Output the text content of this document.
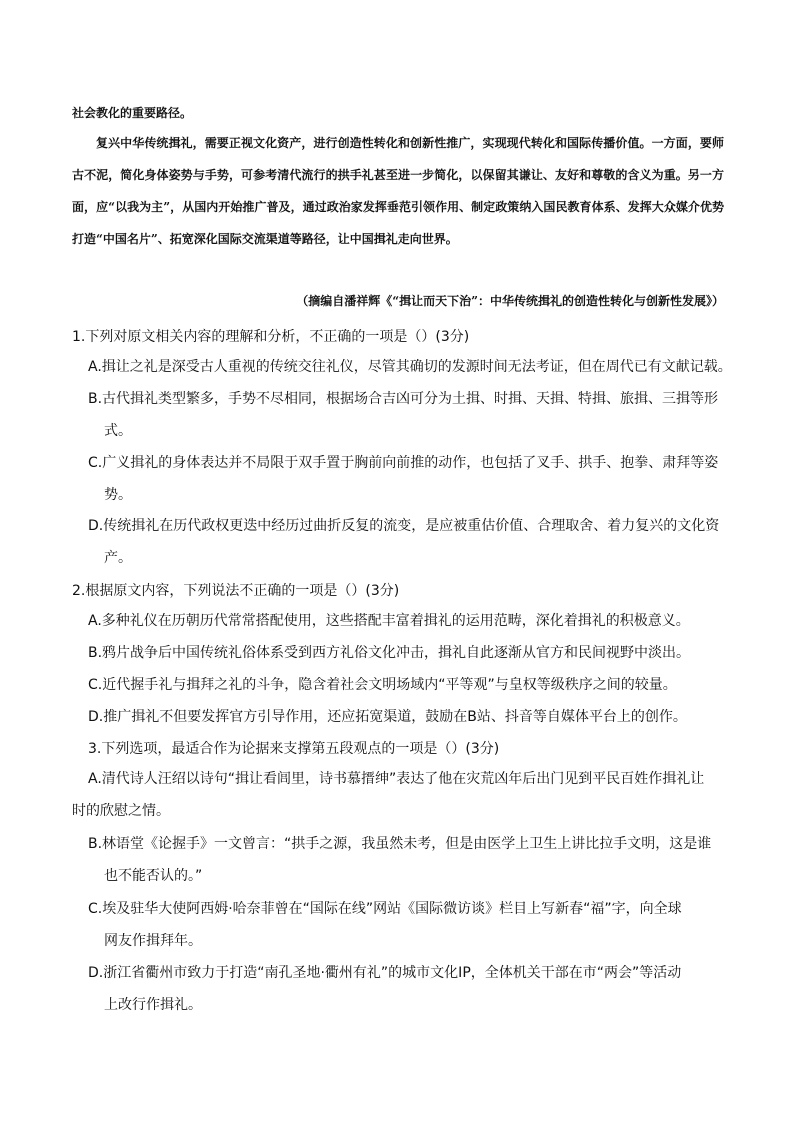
社会教化的重要路径。
复兴中华传统揖礼，需要正视文化资产，进行创造性转化和创新性推广，实现现代转化和国际传播价值。一方面，要师古不泥，简化身体姿势与手势，可参考清代流行的拱手礼甚至进一步简化，以保留其谦让、友好和尊敬的含义为重。另一方面，应“以我为主”，从国内开始推广普及，通过政治家发挥垂范引领作用、制定政策纳入国民教育体系、发挥大众媒介优势打造“中国名片”、拓宽深化国际交流渠道等路径，让中国揖礼走向世界。
（摘编自潘祥辉《“揖让而天下治”：中华传统揖礼的创造性转化与创新性发展》）
1.下列对原文相关内容的理解和分析，不正确的一项是（）(3分)
A.揖让之礼是深受古人重视的传统交往礼仪，尽管其确切的发源时间无法考证，但在周代已有文献记载。
B.古代揖礼类型繁多，手势不尽相同，根据场合吉凶可分为土揖、时揖、天揖、特揖、旅揖、三揖等形
式。
C.广义揖礼的身体表达并不局限于双手置于胸前向前推的动作，也包括了叉手、拱手、抱拳、肃拜等姿
势。
D.传统揖礼在历代政权更迭中经历过曲折反复的流变，是应被重估价值、合理取舍、着力复兴的文化资
产。
2.根据原文内容，下列说法不正确的一项是（）(3分)
A.多种礼仪在历朝历代常常搭配使用，这些搭配丰富着揖礼的运用范畴，深化着揖礼的积极意义。
B.鸦片战争后中国传统礼俗体系受到西方礼俗文化冲击，揖礼自此逐渐从官方和民间视野中淡出。
C.近代握手礼与揖拜之礼的斗争，隐含着社会文明场域内“平等观”与皇权等级秩序之间的较量。
D.推广揖礼不但要发挥官方引导作用，还应拓宽渠道，鼓励在B站、抖音等自媒体平台上的创作。
3.下列选项，最适合作为论据来支撑第五段观点的一项是（）(3分)
A.清代诗人汪绍以诗句“揖让看闾里，诗书慕搢绅”表达了他在灾荒凶年后出门见到平民百姓作揖礼让
时的欣慰之情。
B.林语堂《论握手》一文曾言：“拱手之源，我虽然未考，但是由医学上卫生上讲比拉手文明，这是谁
也不能否认的。”
C.埃及驻华大使阿西姆·哈奈菲曾在“国际在线”网站《国际微访谈》栏目上写新春“福”字，向全球
网友作揖拜年。
D.浙江省衢州市致力于打造“南孔圣地·衢州有礼”的城市文化IP，全体机关干部在市“两会”等活动
上改行作揖礼。
